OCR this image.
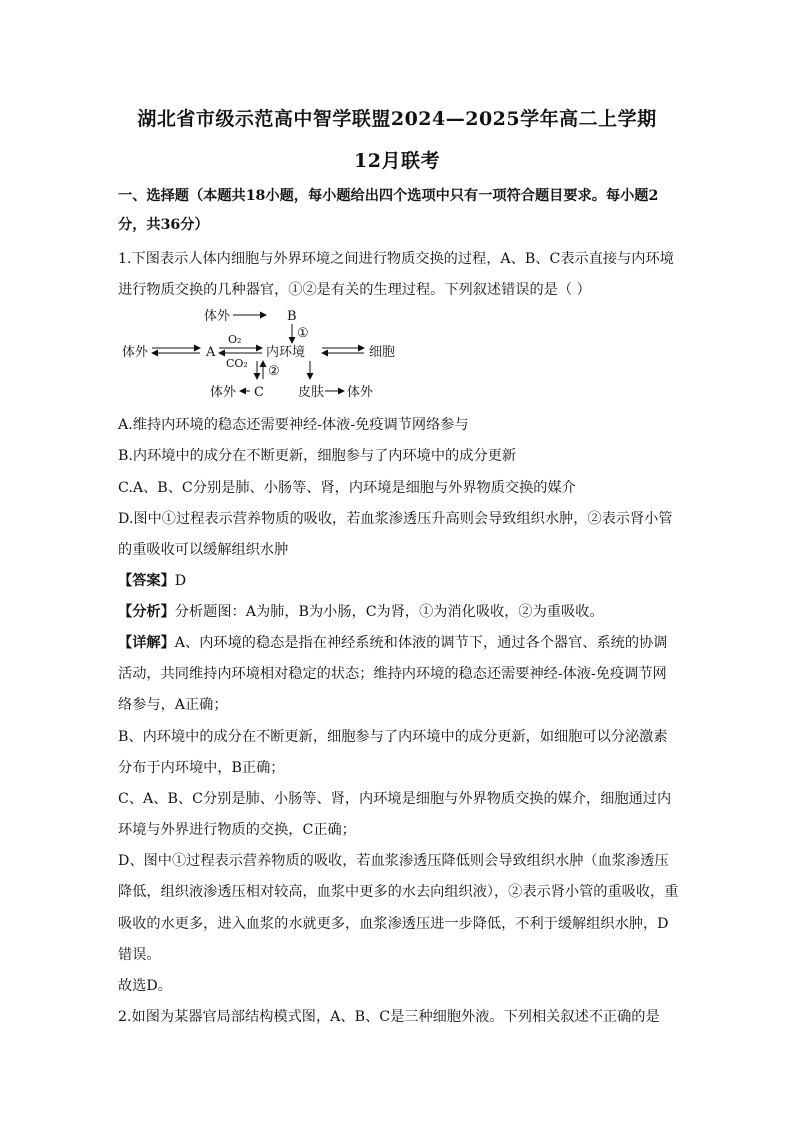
湖北省市级示范高中智学联盟2024—2025学年高二上学期
12月联考
一、选择题（本题共18小题，每小题给出四个选项中只有一项符合题目要求。每小题2
分，共36分）
1.下图表示人体内细胞与外界环境之间进行物质交换的过程，A、B、C表示直接与内环境
进行物质交换的几种器官，①②是有关的生理过程。下列叙述错误的是（ ）
体外	B
①
体外	A
O₂
CO₂
内环境	细胞
②
体外 C	皮肤 体外
A.维持内环境的稳态还需要神经-体液-免疫调节网络参与
B.内环境中的成分在不断更新，细胞参与了内环境中的成分更新
C.A、B、C分别是肺、小肠等、肾，内环境是细胞与外界物质交换的媒介
D.图中①过程表示营养物质的吸收，若血浆渗透压升高则会导致组织水肿，②表示肾小管
的重吸收可以缓解组织水肿
【答案】D
【分析】分析题图：A为肺，B为小肠，C为肾，①为消化吸收，②为重吸收。
【详解】A、内环境的稳态是指在神经系统和体液的调节下，通过各个器官、系统的协调
活动，共同维持内环境相对稳定的状态；维持内环境的稳态还需要神经-体液-免疫调节网
络参与，A正确；
B、内环境中的成分在不断更新，细胞参与了内环境中的成分更新，如细胞可以分泌激素
分布于内环境中，B正确；
C、A、B、C分别是肺、小肠等、肾，内环境是细胞与外界物质交换的媒介，细胞通过内
环境与外界进行物质的交换，C正确；
D、图中①过程表示营养物质的吸收，若血浆渗透压降低则会导致组织水肿（血浆渗透压
降低，组织液渗透压相对较高，血浆中更多的水去向组织液），②表示肾小管的重吸收，重
吸收的水更多，进入血浆的水就更多，血浆渗透压进一步降低，不利于缓解组织水肿，D
错误。
故选D。
2.如图为某器官局部结构模式图，A、B、C是三种细胞外液。下列相关叙述不正确的是
